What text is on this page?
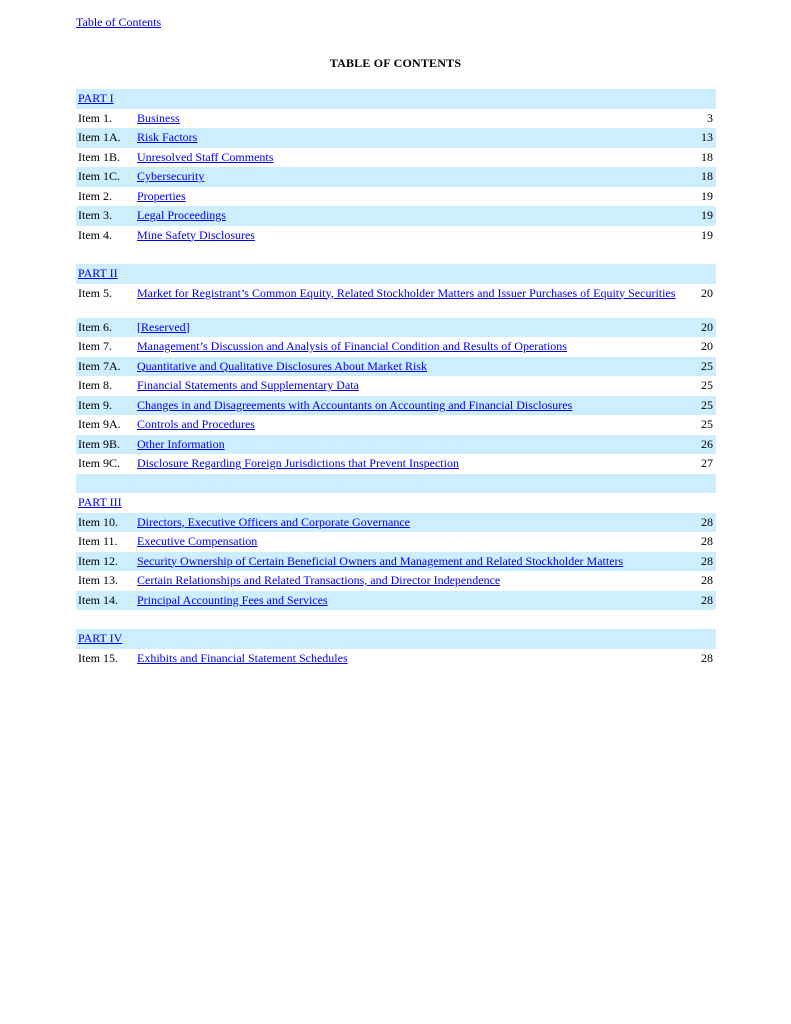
Table of Contents
TABLE OF CONTENTS
PART I
Item 1.	Business	3
Item 1A.	Risk Factors	13
Item 1B.	Unresolved Staff Comments	18
Item 1C.	Cybersecurity	18
Item 2.	Properties	19
Item 3.	Legal Proceedings	19
Item 4.	Mine Safety Disclosures	19
PART II
Item 5.	Market for Registrant’s Common Equity, Related Stockholder Matters and Issuer Purchases of Equity Securities	20
Item 6.	[Reserved]	20
Item 7.	Management’s Discussion and Analysis of Financial Condition and Results of Operations	20
Item 7A.	Quantitative and Qualitative Disclosures About Market Risk	25
Item 8.	Financial Statements and Supplementary Data	25
Item 9.	Changes in and Disagreements with Accountants on Accounting and Financial Disclosures	25
Item 9A.	Controls and Procedures	25
Item 9B.	Other Information	26
Item 9C.	Disclosure Regarding Foreign Jurisdictions that Prevent Inspection	27
PART III
Item 10.	Directors, Executive Officers and Corporate Governance	28
Item 11.	Executive Compensation	28
Item 12.	Security Ownership of Certain Beneficial Owners and Management and Related Stockholder Matters	28
Item 13.	Certain Relationships and Related Transactions, and Director Independence	28
Item 14.	Principal Accounting Fees and Services	28
PART IV
Item 15.	Exhibits and Financial Statement Schedules	28
